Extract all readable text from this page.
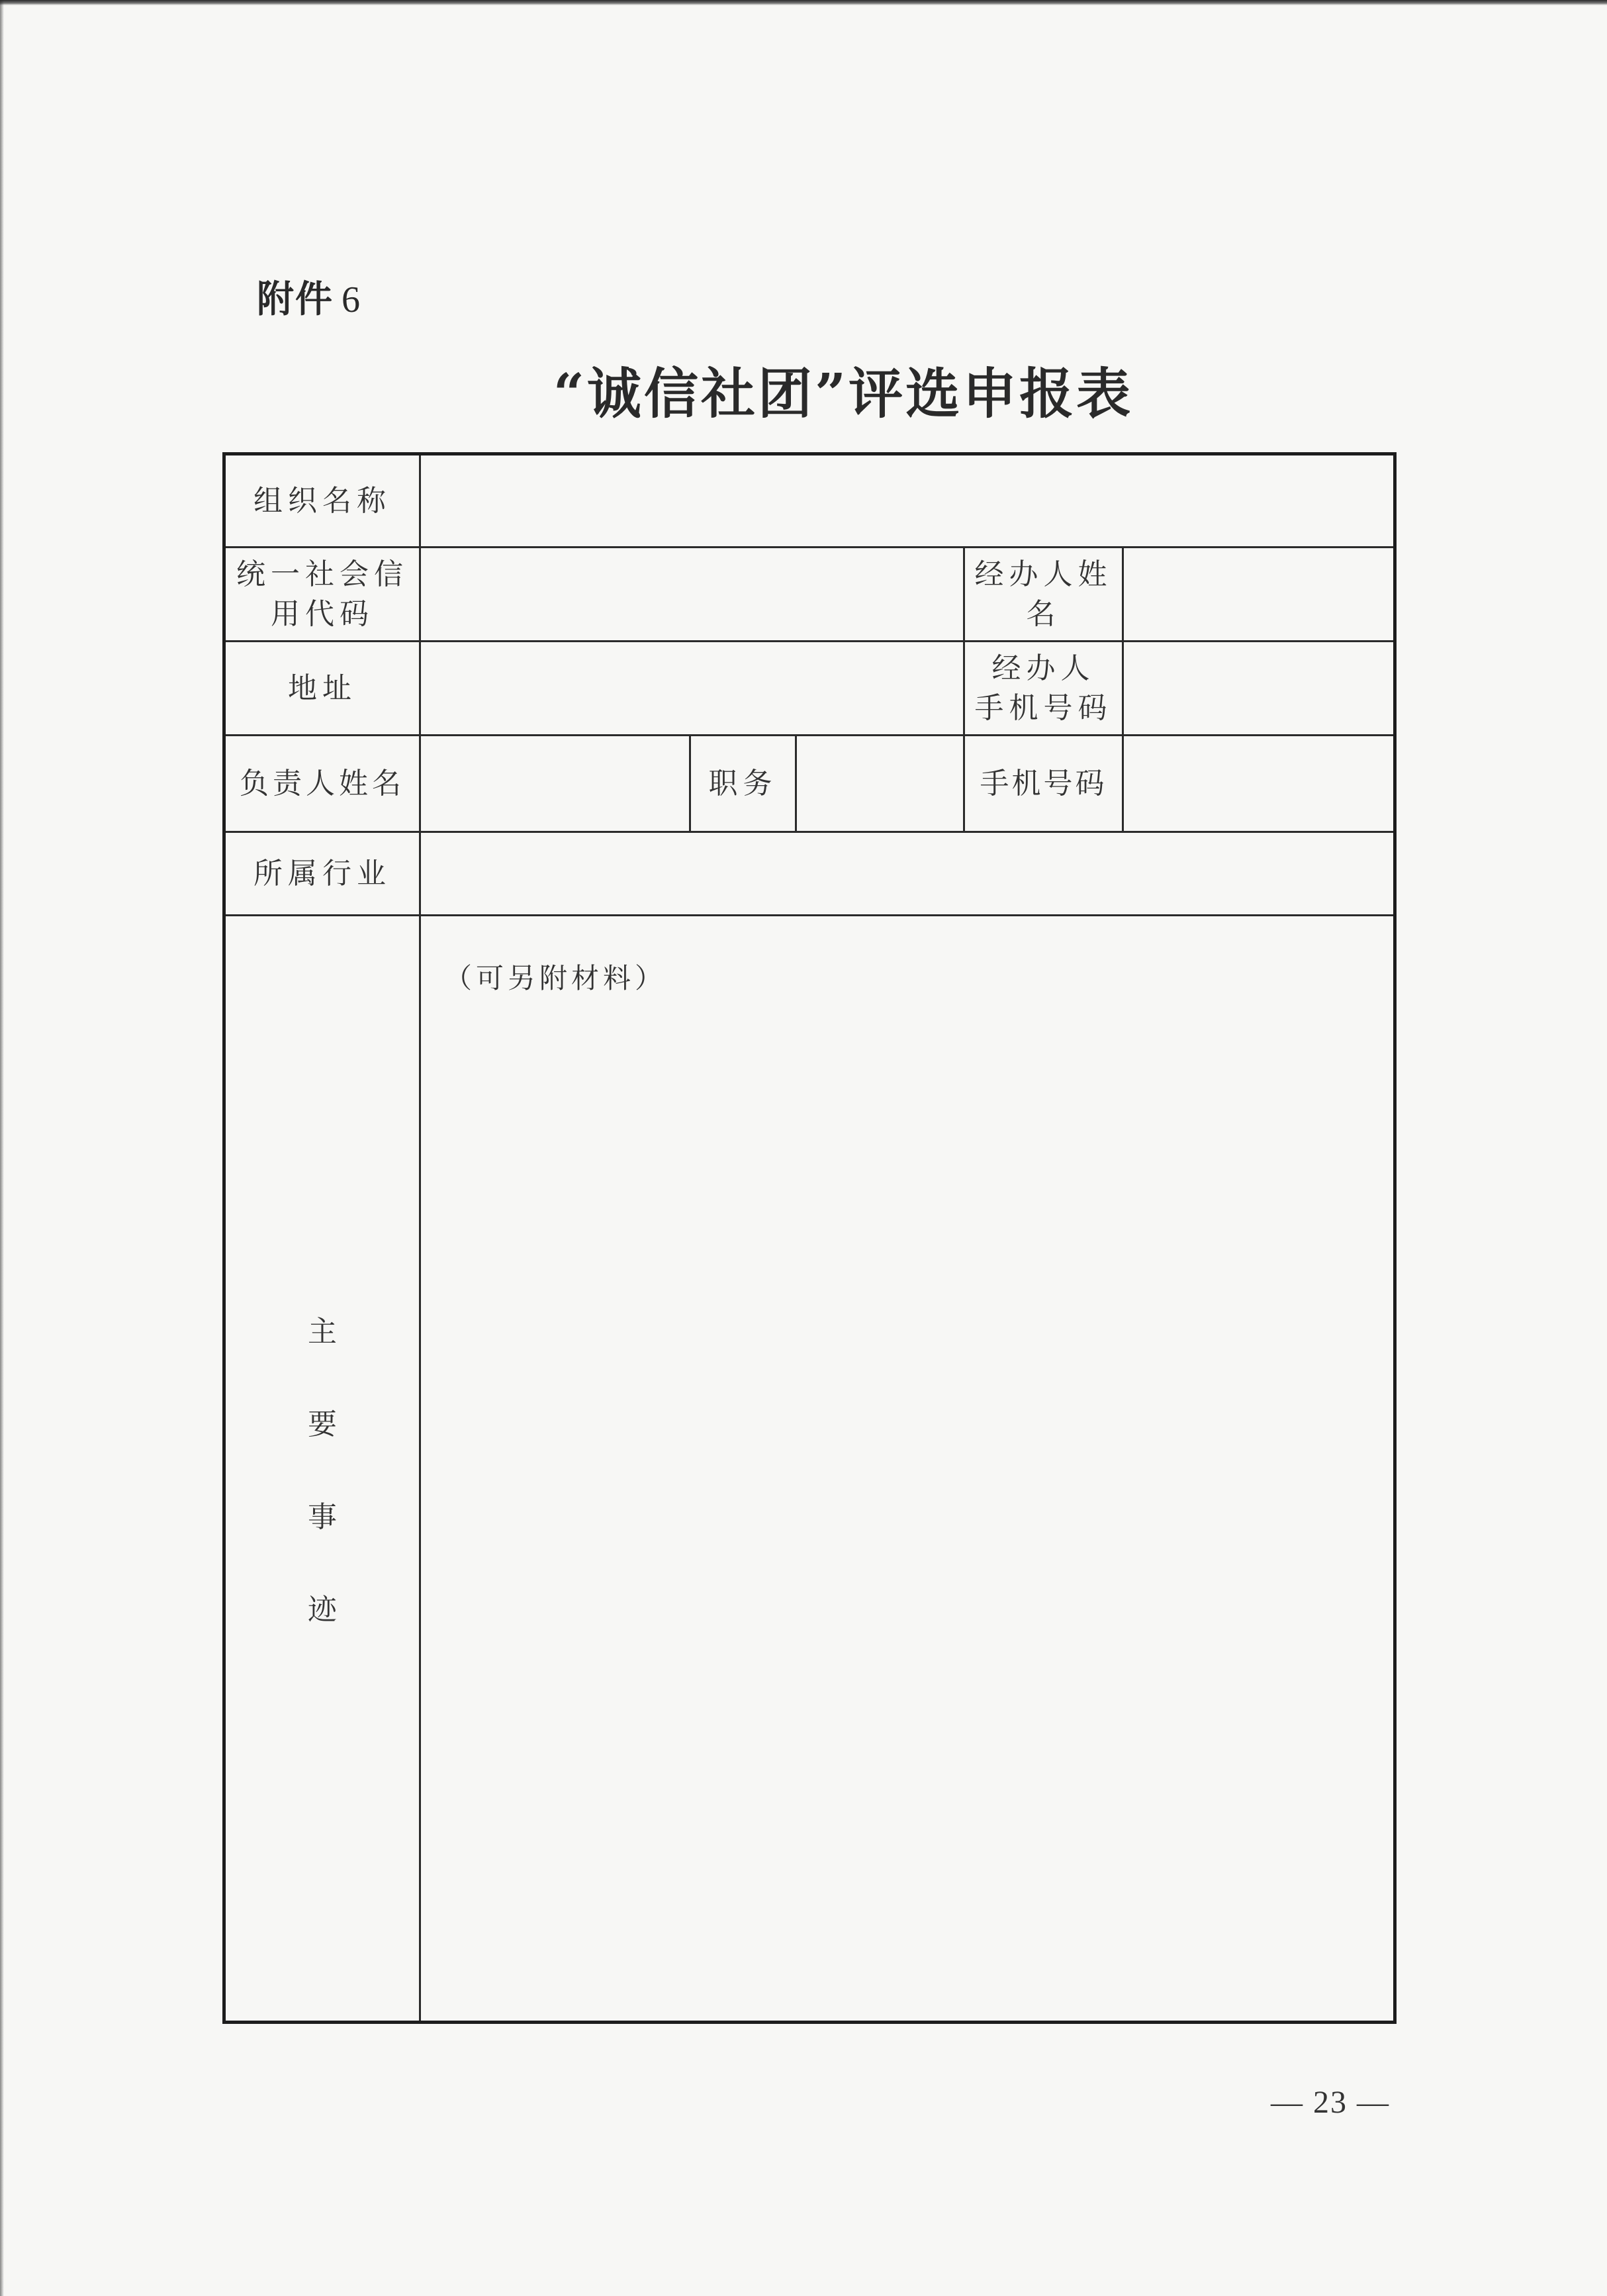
附件 6
“诚信社团”评选申报表
组织名称
统一社会信
用代码
经办人姓
名
地址
经办人
手机号码
负责人姓名	职务	手机号码
所属行业
主
要
事
迹
（可另附材料）
— 23 —
